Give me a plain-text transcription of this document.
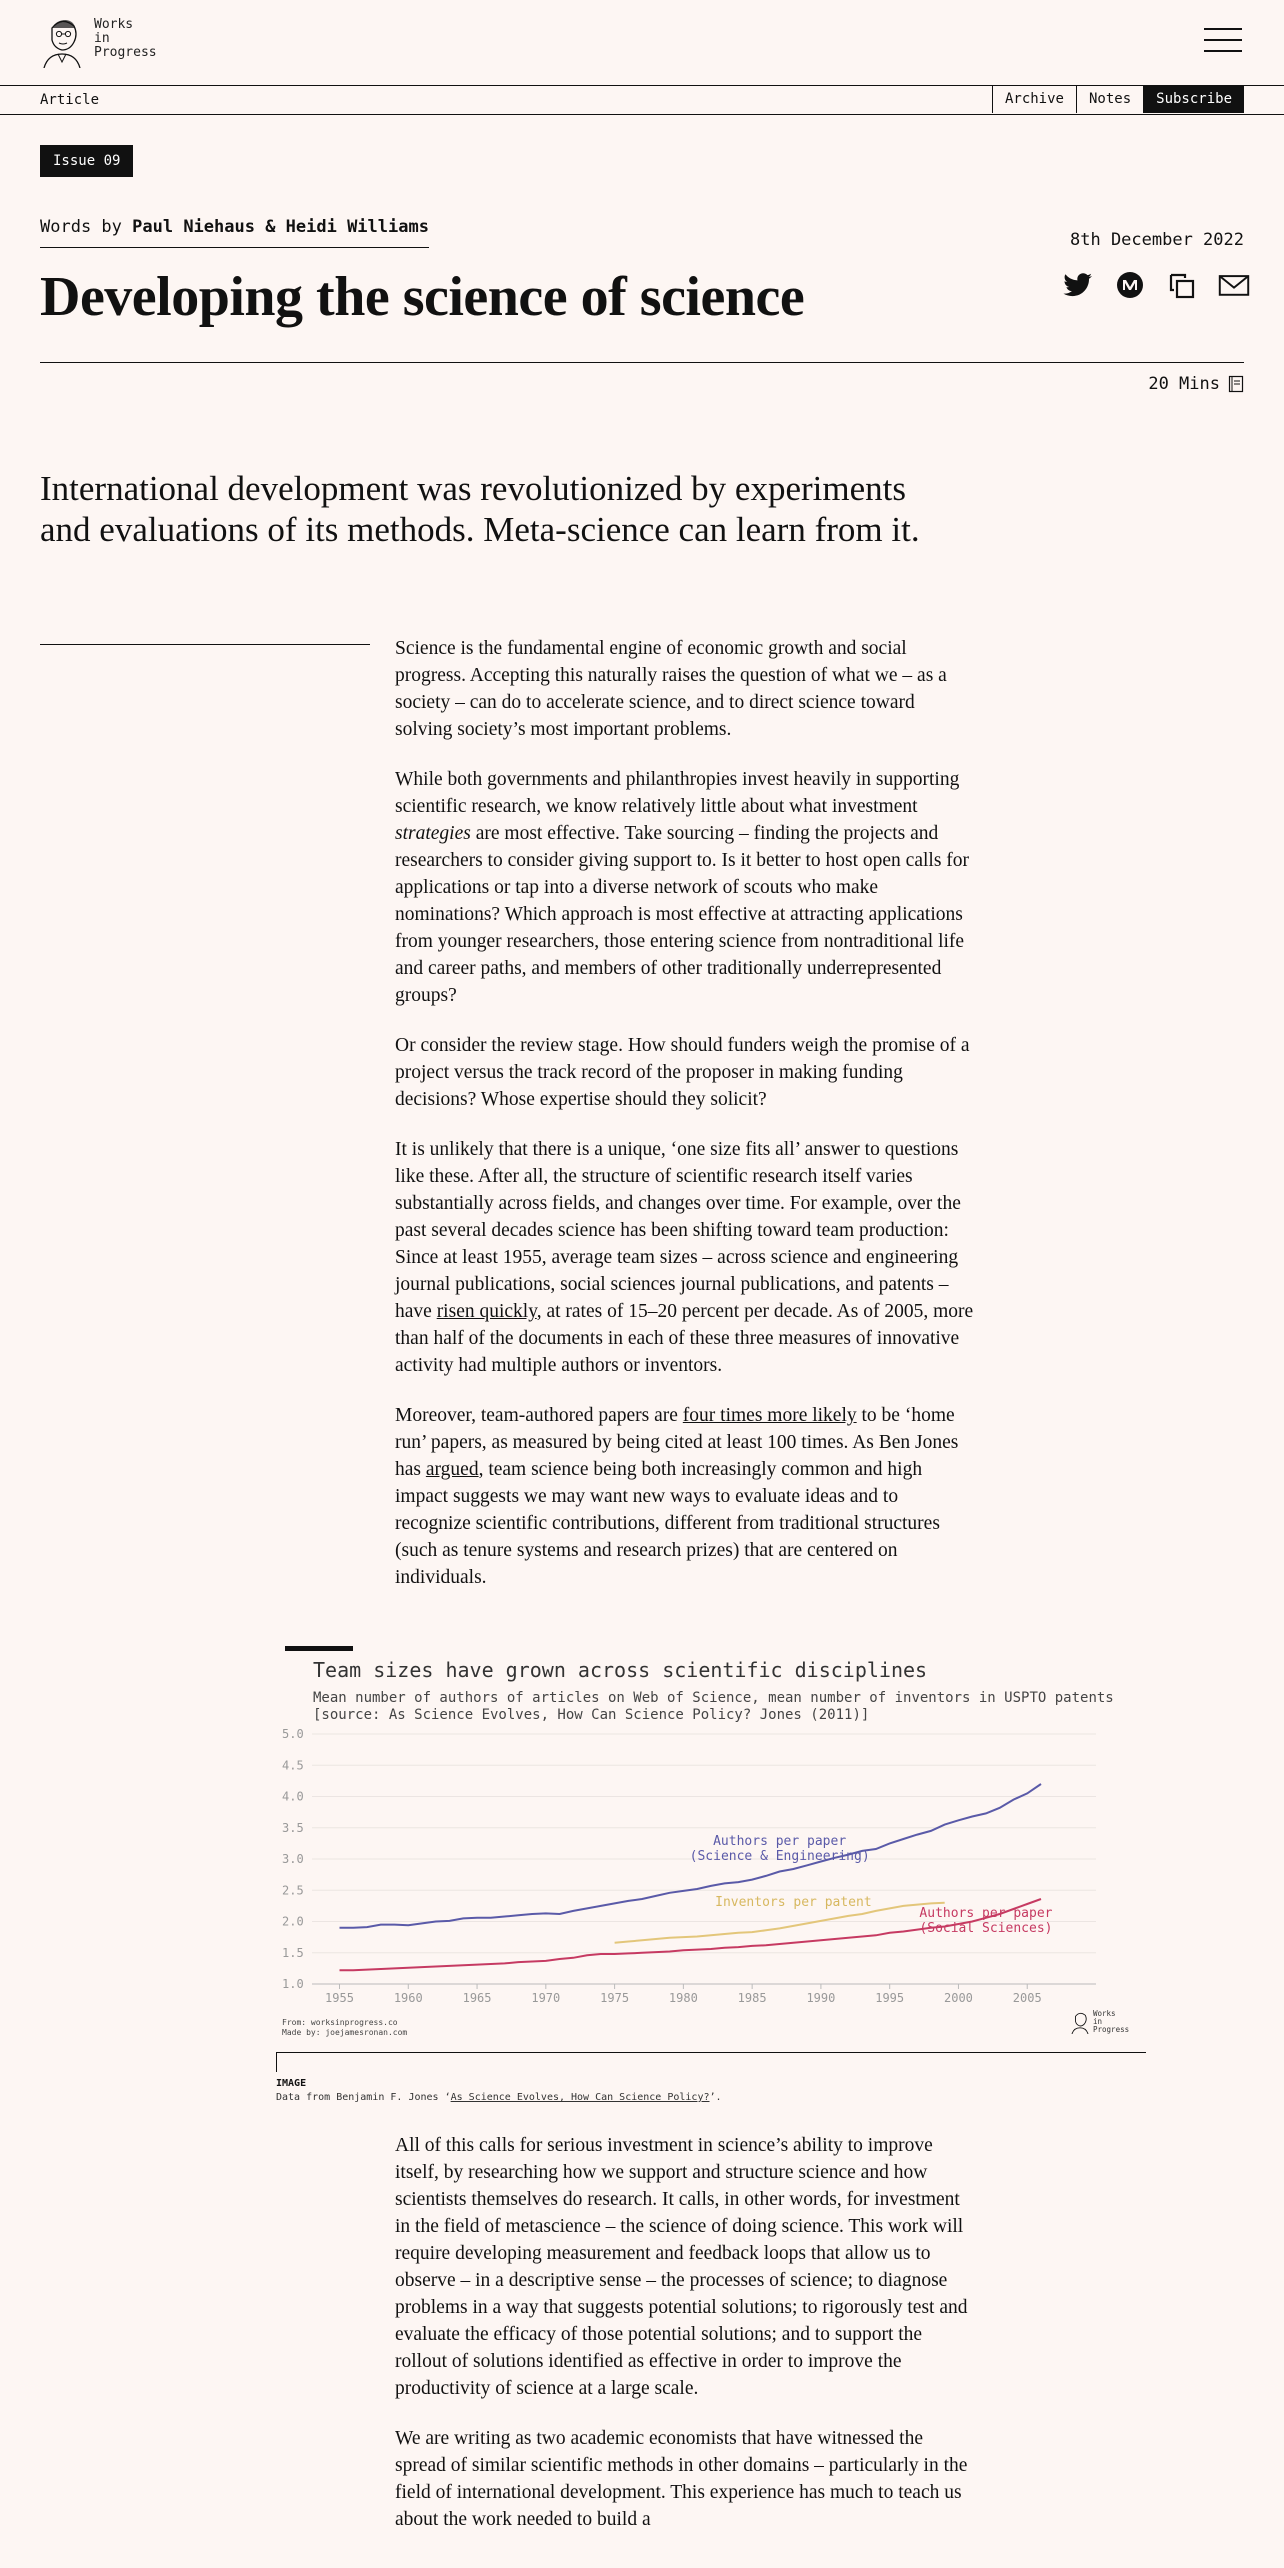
Works
in
Progress
Article	Archive	Notes	Subscribe
Issue 09
Words by Paul Niehaus & Heidi Williams
8th December 2022
Developing the science of science
20 Mins

International development was revolutionized by experiments and evaluations of its methods. Meta-science can learn from it.

Science is the fundamental engine of economic growth and social progress. Accepting this naturally raises the question of what we – as a society – can do to accelerate science, and to direct science toward solving society’s most important problems.

While both governments and philanthropies invest heavily in supporting scientific research, we know relatively little about what investment strategies are most effective. Take sourcing – finding the projects and researchers to consider giving support to. Is it better to host open calls for applications or tap into a diverse network of scouts who make nominations? Which approach is most effective at attracting applications from younger researchers, those entering science from nontraditional life and career paths, and members of other traditionally underrepresented groups?

Or consider the review stage. How should funders weigh the promise of a project versus the track record of the proposer in making funding decisions? Whose expertise should they solicit?

It is unlikely that there is a unique, ‘one size fits all’ answer to questions like these. After all, the structure of scientific research itself varies substantially across fields, and changes over time. For example, over the past several decades science has been shifting toward team production: Since at least 1955, average team sizes – across science and engineering journal publications, social sciences journal publications, and patents – have risen quickly, at rates of 15–20 percent per decade. As of 2005, more than half of the documents in each of these three measures of innovative activity had multiple authors or inventors.

Moreover, team-authored papers are four times more likely to be ‘home run’ papers, as measured by being cited at least 100 times. As Ben Jones has argued, team science being both increasingly common and high impact suggests we may want new ways to evaluate ideas and to recognize scientific contributions, different from traditional structures (such as tenure systems and research prizes) that are centered on individuals.

Team sizes have grown across scientific disciplines
Mean number of authors of articles on Web of Science, mean number of inventors in USPTO patents
[source: As Science Evolves, How Can Science Policy? Jones (2011)]
1.0
1.5
2.0
2.5
3.0
3.5
4.0
4.5
5.0
1955	1960	1965	1970	1975	1980	1985	1990	1995	2000	2005
Authors per paper
(Science & Engineering)
Inventors per patent
Authors per paper
(Social Sciences)
From: worksinprogress.co
Made by: joejamesronan.com
Works
in
Progress
IMAGE
Data from Benjamin F. Jones ‘As Science Evolves, How Can Science Policy?’.

All of this calls for serious investment in science’s ability to improve itself, by researching how we support and structure science and how scientists themselves do research. It calls, in other words, for investment in the field of metascience – the science of doing science. This work will require developing measurement and feedback loops that allow us to observe – in a descriptive sense – the processes of science; to diagnose problems in a way that suggests potential solutions; to rigorously test and evaluate the efficacy of those potential solutions; and to support the rollout of solutions identified as effective in order to improve the productivity of science at a large scale.

We are writing as two academic economists that have witnessed the spread of similar scientific methods in other domains – particularly in the field of international development. This experience has much to teach us about the work needed to build a
